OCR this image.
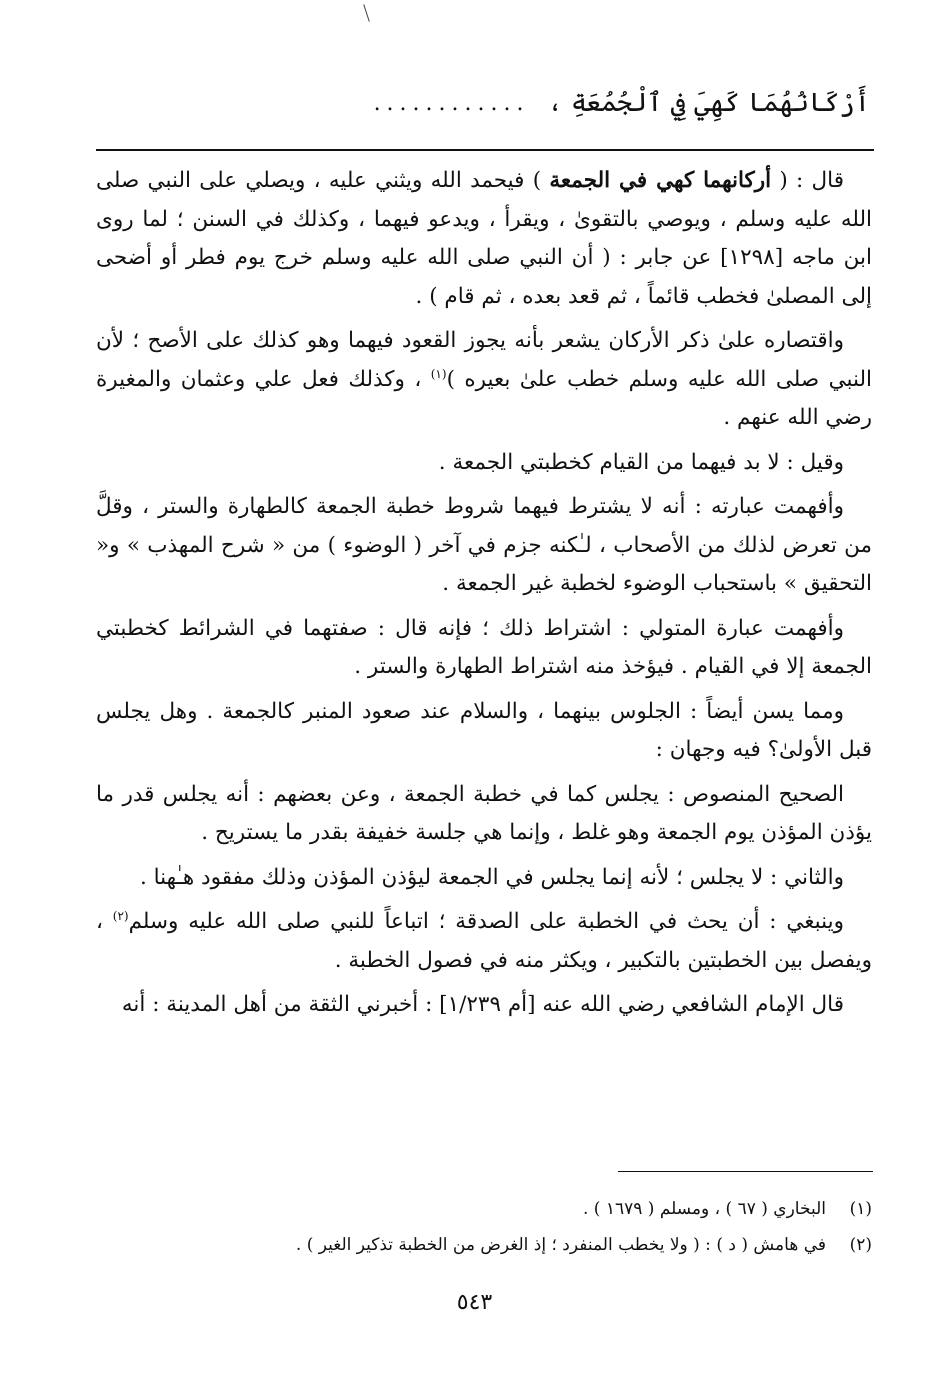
أَرْكَانُهُمَا كَهِيَ فِي ٱلْجُمُعَةِ ،
............

قال : ( أركانهما كهي في الجمعة ) فيحمد الله ويثني عليه ، ويصلي على النبي صلى الله عليه وسلم ، ويوصي بالتقوىٰ ، ويقرأ ، ويدعو فيهما ، وكذلك في السنن ؛ لما روى ابن ماجه [١٢٩٨] عن جابر : ( أن النبي صلى الله عليه وسلم خرج يوم فطر أو أضحى إلى المصلىٰ فخطب قائماً ، ثم قعد بعده ، ثم قام ) .

واقتصاره علىٰ ذكر الأركان يشعر بأنه يجوز القعود فيهما وهو كذلك على الأصح ؛ لأن النبي صلى الله عليه وسلم خطب علىٰ بعيره )$^{(١)}$ ، وكذلك فعل علي وعثمان والمغيرة رضي الله عنهم .

وقيل : لا بد فيهما من القيام كخطبتي الجمعة .

وأفهمت عبارته : أنه لا يشترط فيهما شروط خطبة الجمعة كالطهارة والستر ، وقلَّ من تعرض لذلك من الأصحاب ، لـٰكنه جزم في آخر ( الوضوء ) من « شرح المهذب » و« التحقيق » باستحباب الوضوء لخطبة غير الجمعة .

وأفهمت عبارة المتولي : اشتراط ذلك ؛ فإنه قال : صفتهما في الشرائط كخطبتي الجمعة إلا في القيام . فيؤخذ منه اشتراط الطهارة والستر .

ومما يسن أيضاً : الجلوس بينهما ، والسلام عند صعود المنبر كالجمعة . وهل يجلس قبل الأولىٰ؟ فيه وجهان :

الصحيح المنصوص : يجلس كما في خطبة الجمعة ، وعن بعضهم : أنه يجلس قدر ما يؤذن المؤذن يوم الجمعة وهو غلط ، وإنما هي جلسة خفيفة بقدر ما يستريح .

والثاني : لا يجلس ؛ لأنه إنما يجلس في الجمعة ليؤذن المؤذن وذلك مفقود هـٰهنا .

وينبغي : أن يحث في الخطبة على الصدقة ؛ اتباعاً للنبي صلى الله عليه وسلم$^{(٢)}$ ، ويفصل بين الخطبتين بالتكبير ، ويكثر منه في فصول الخطبة .

قال الإمام الشافعي رضي الله عنه [أم ١/٢٣٩] : أخبرني الثقة من أهل المدينة : أنه

(١)
البخاري ( ٦٧ ) ، ومسلم ( ١٦٧٩ ) .
(٢)
في هامش ( د ) : ( ولا يخطب المنفرد ؛ إذ الغرض من الخطبة تذكير الغير ) .
٥٤٣
